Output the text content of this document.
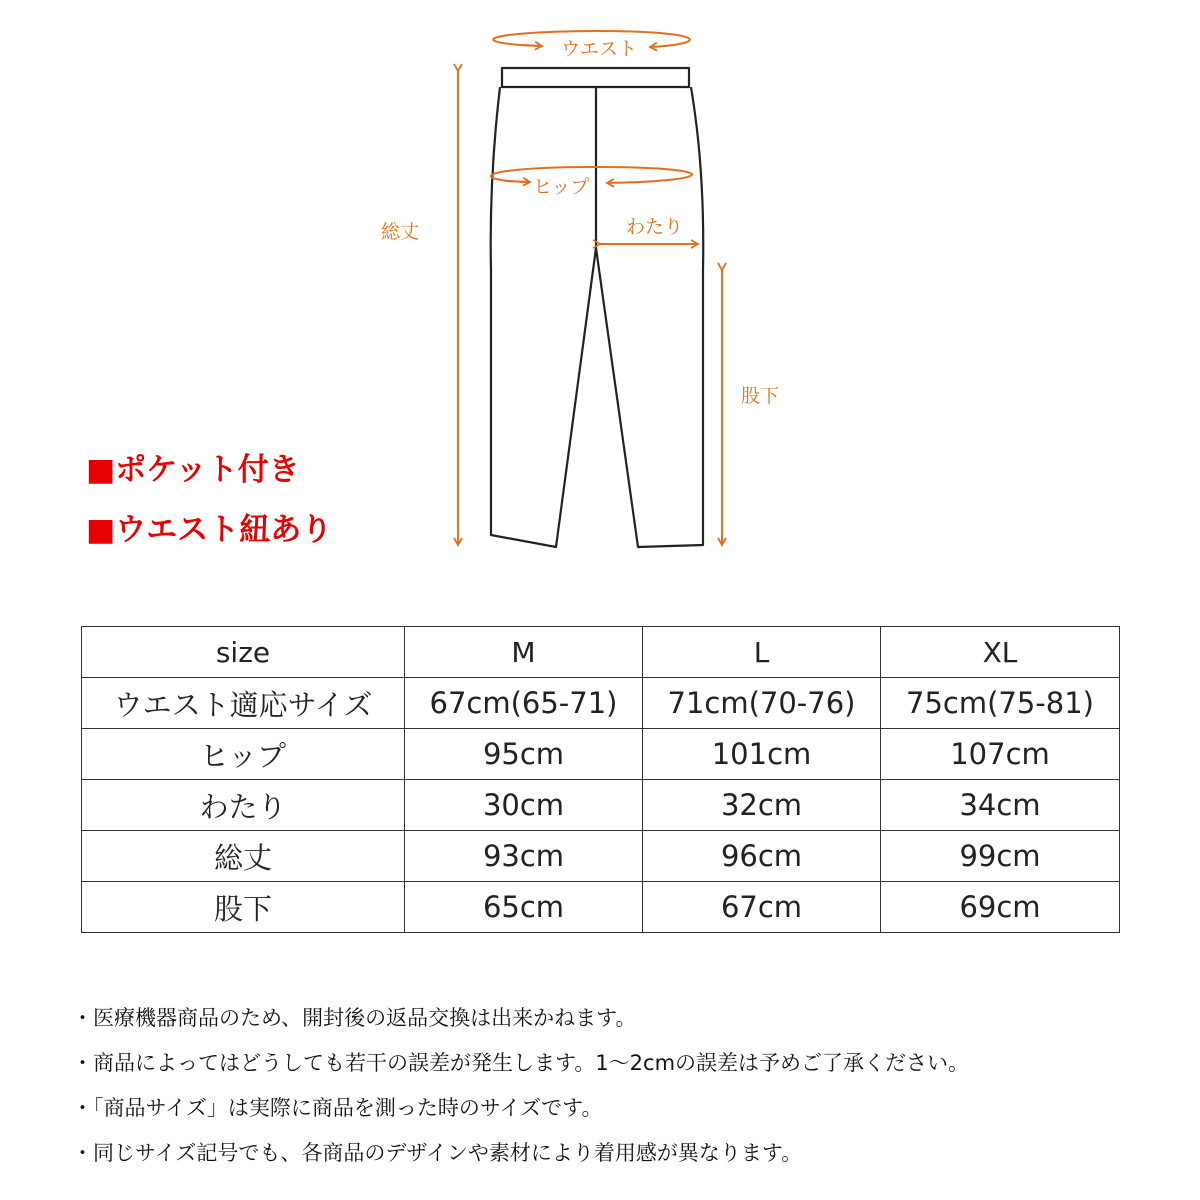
ウエスト
ヒップ
わたり
総丈
股下
■ポケット付き
■ウエスト紐あり
size	M	L	XL
ウエスト適応サイズ	67cm(65-71)	71cm(70-76)	75cm(75-81)
ヒップ	95cm	101cm	107cm
わたり	30cm	32cm	34cm
総丈	93cm	96cm	99cm
股下	65cm	67cm	69cm
・医療機器商品のため、開封後の返品交換は出来かねます。
・商品によってはどうしても若干の誤差が発生します。1〜2cmの誤差は予めご了承ください。
・「商品サイズ」は実際に商品を測った時のサイズです。
・同じサイズ記号でも、各商品のデザインや素材により着用感が異なります。
